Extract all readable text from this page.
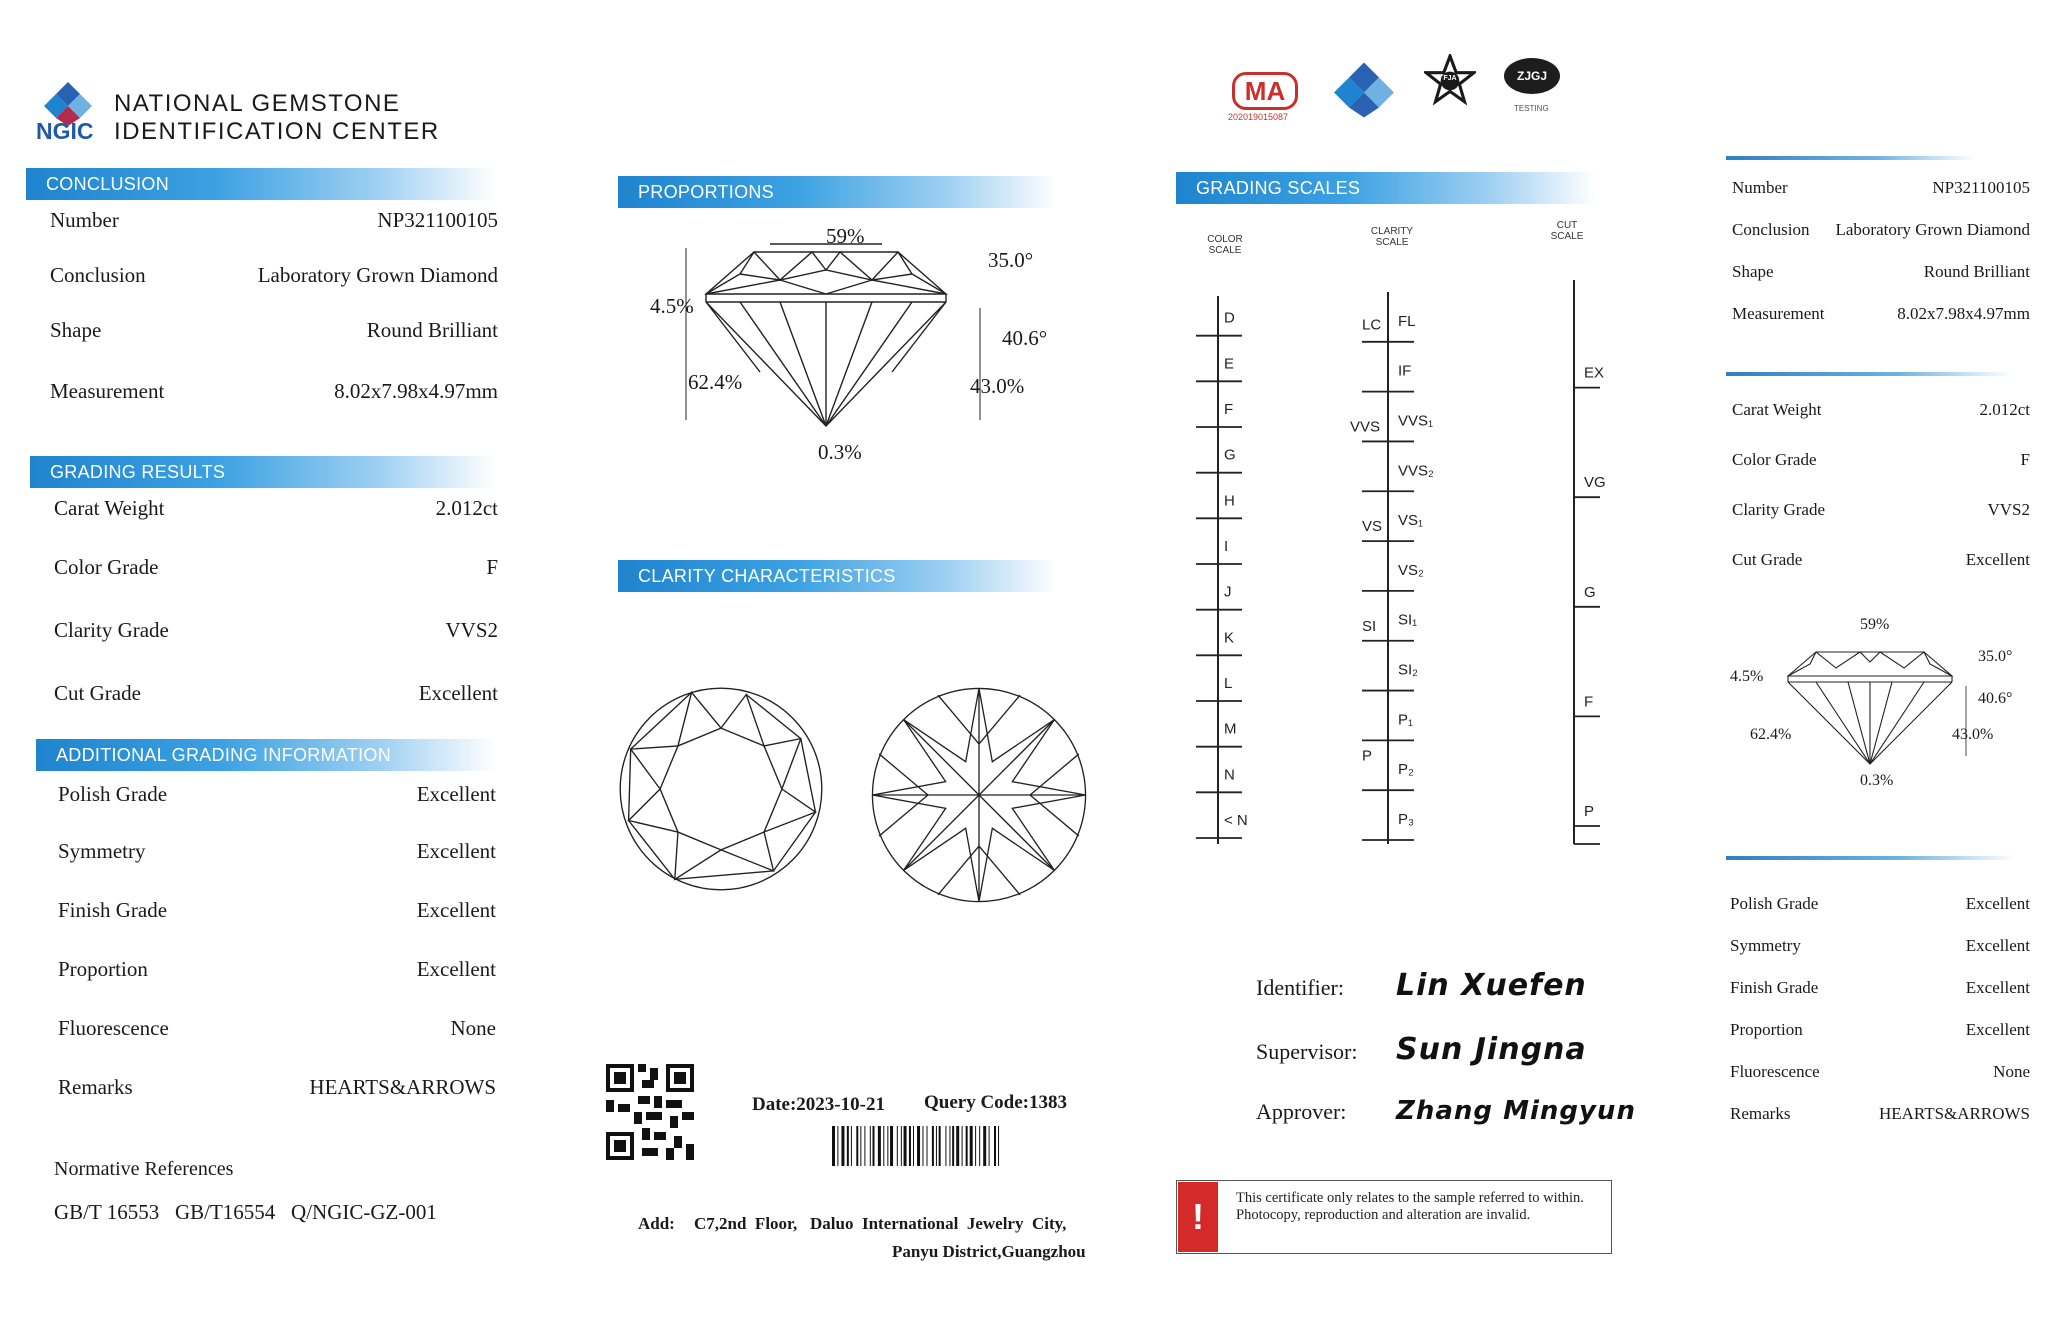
NGIC
NATIONAL GEMSTONE
IDENTIFICATION CENTER
CONCLUSION
Number	NP321100105
Conclusion	Laboratory Grown Diamond
Shape	Round Brilliant
Measurement	8.02x7.98x4.97mm
GRADING RESULTS
Carat Weight	2.012ct
Color Grade	F
Clarity Grade	VVS2
Cut Grade	Excellent
ADDITIONAL GRADING INFORMATION
Polish Grade	Excellent
Symmetry	Excellent
Finish Grade	Excellent
Proportion	Excellent
Fluorescence	None
Remarks	HEARTS&ARROWS
Normative References
GB/T 16553   GB/T16554   Q/NGIC-GZ-001
PROPORTIONS
59%
35.0°
4.5%
40.6°
62.4%	43.0%
0.3%
CLARITY CHARACTERISTICS
Date:2023-10-21 Query Code:1383
Add: C7,2nd  Floor,   Daluo  International  Jewelry  City,
Panyu District,Guangzhou
MA
202019015087
FJA	ZJGJ
TESTING
GRADING SCALES
COLOR
SCALE
CLARITY
SCALE
CUT
SCALE
D
E
F
G
H
I
J
K
L
M
N
< N
FL
IF
VVS₁
VVS₂
VS₁
VS₂
SI₁
SI₂
P₁
P₂
P₃
LC
VVS
VS
SI
P
EX
VG
G
F
P
Identifier:	Lin Xuefen
Supervisor:	Sun Jingna
Approver:	Zhang Mingyun
!	This certificate only relates to the sample referred to within. Photocopy, reproduction and alteration are invalid.
Number	NP321100105
Conclusion Laboratory Grown Diamond
Shape	Round Brilliant
Measurement	8.02x7.98x4.97mm
Carat Weight	2.012ct
Color Grade	F
Clarity Grade	VVS2
Cut Grade	Excellent
59%
35.0°
4.5%
40.6°
62.4%	43.0%
0.3%
Polish Grade	Excellent
Symmetry	Excellent
Finish Grade	Excellent
Proportion	Excellent
Fluorescence	None
Remarks	HEARTS&ARROWS
